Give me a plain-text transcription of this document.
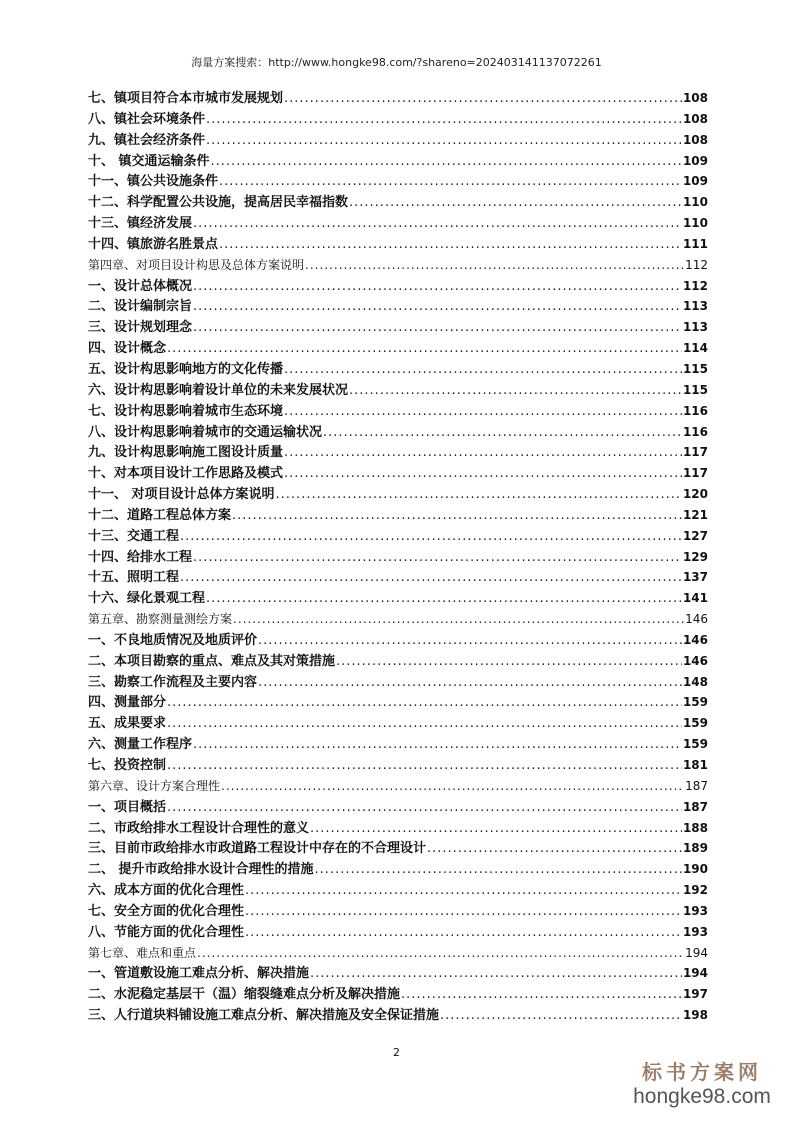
海量方案搜索：http://www.hongke98.com/?shareno=20240314113707​2261
七、镇项目符合本市城市发展规划 .....	108
八、镇社会环境条件 .....	108
九、镇社会经济条件 .....	108
十、 镇交通运输条件 .....	109
十一、镇公共设施条件 .....	109
十二、科学配置公共设施，提高居民幸福指数 .....	110
十三、镇经济发展 .....	110
十四、镇旅游名胜景点 .....	111
第四章、对项目设计构思及总体方案说明 .....	112
一、设计总体概况 .....	112
二、设计编制宗旨 .....	113
三、设计规划理念 .....	113
四、设计概念 .....	114
五、设计构思影响地方的文化传播 .....	115
六、设计构思影响着设计单位的未来发展状况 .....	115
七、设计构思影响着城市生态环境 .....	116
八、设计构思影响着城市的交通运输状况 .....	116
九、设计构思影响施工图设计质量 .....	117
十、对本项目设计工作思路及模式 .....	117
十一、 对项目设计总体方案说明 .....	120
十二、道路工程总体方案 .....	121
十三、交通工程 .....	127
十四、给排水工程 .....	129
十五、照明工程 .....	137
十六、绿化景观工程 .....	141
第五章、勘察测量测绘方案 .....	146
一、不良地质情况及地质评价 .....	146
二、本项目勘察的重点、难点及其对策措施 .....	146
三、勘察工作流程及主要内容 .....	148
四、测量部分 .....	159
五、成果要求 .....	159
六、测量工作程序 .....	159
七、投资控制 .....	181
第六章、设计方案合理性 .....	187
一、项目概括 .....	187
二、市政给排水工程设计合理性的意义 .....	188
三、目前市政给排水市政道路工程设计中存在的不合理设计 .....	189
二、 提升市政给排水设计合理性的措施 .....	190
六、成本方面的优化合理性 .....	192
七、安全方面的优化合理性 .....	193
八、节能方面的优化合理性 .....	193
第七章、难点和重点 .....	194
一、管道敷设施工难点分析、解决措施 .....	194
二、水泥稳定基层干（温）缩裂缝难点分析及解决措施 .....	197
三、人行道块料铺设施工难点分析、解决措施及安全保证措施 .....	198
2
标书方案网
hongke98.com
